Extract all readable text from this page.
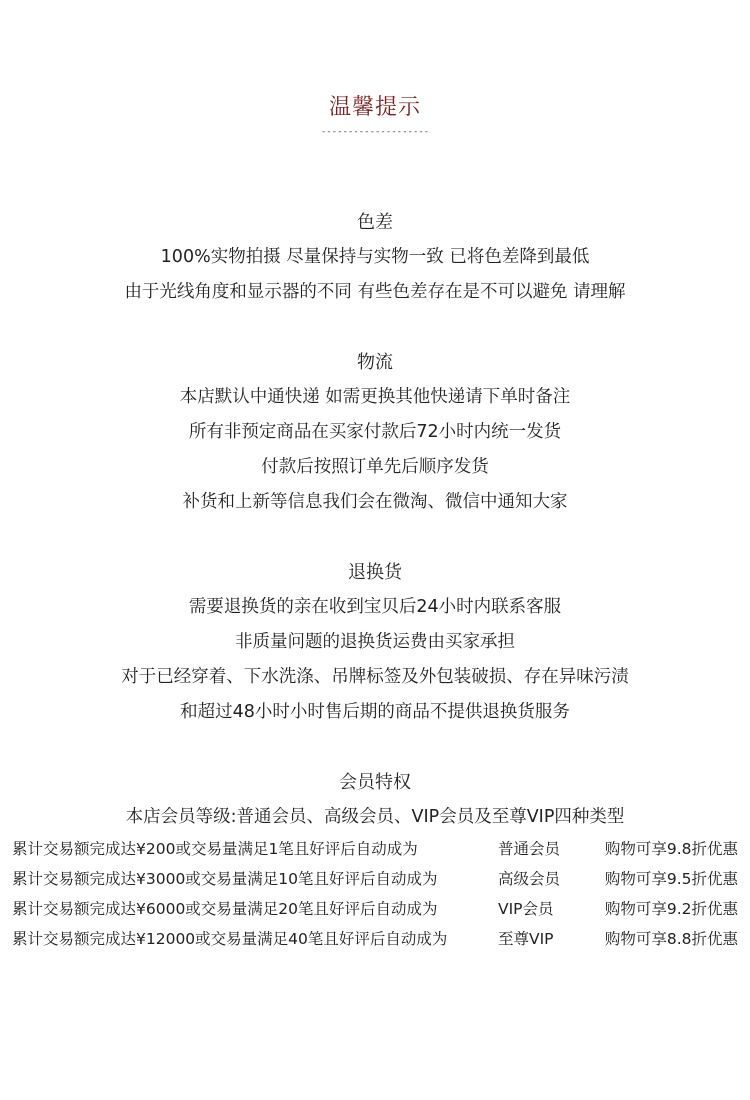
温馨提示
--------------------
色差
100%实物拍摄 尽量保持与实物一致 已将色差降到最低
由于光线角度和显示器的不同 有些色差存在是不可以避免 请理解
物流
本店默认中通快递 如需更换其他快递请下单时备注
所有非预定商品在买家付款后72小时内统一发货
付款后按照订单先后顺序发货
补货和上新等信息我们会在微淘、微信中通知大家
退换货
需要退换货的亲在收到宝贝后24小时内联系客服
非质量问题的退换货运费由买家承担
对于已经穿着、下水洗涤、吊牌标签及外包装破损、存在异味污渍
和超过48小时小时售后期的商品不提供退换货服务
会员特权
本店会员等级:普通会员、高级会员、VIP会员及至尊VIP四种类型
累计交易额完成达¥200或交易量满足1笔且好评后自动成为	普通会员	购物可享9.8折优惠
累计交易额完成达¥3000或交易量满足10笔且好评后自动成为	高级会员	购物可享9.5折优惠
累计交易额完成达¥6000或交易量满足20笔且好评后自动成为	VIP会员	购物可享9.2折优惠
累计交易额完成达¥12000或交易量满足40笔且好评后自动成为	至尊VIP	购物可享8.8折优惠
